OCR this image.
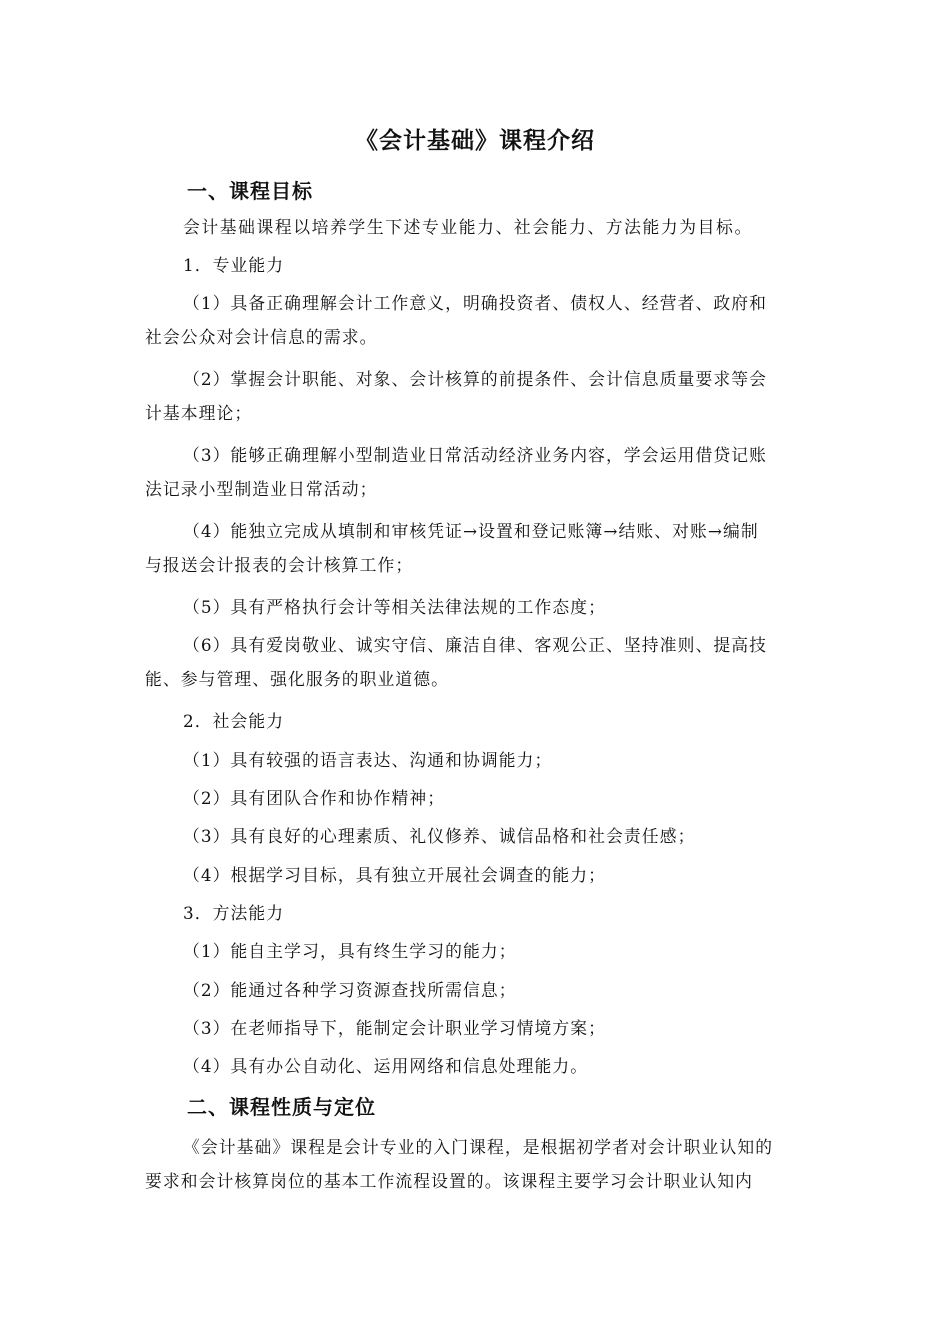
《会计基础》课程介绍
一、课程目标
会计基础课程以培养学生下述专业能力、社会能力、方法能力为目标。
1．专业能力
（1）具备正确理解会计工作意义，明确投资者、债权人、经营者、政府和
社会公众对会计信息的需求。
（2）掌握会计职能、对象、会计核算的前提条件、会计信息质量要求等会
计基本理论；
（3）能够正确理解小型制造业日常活动经济业务内容，学会运用借贷记账
法记录小型制造业日常活动；
（4）能独立完成从填制和审核凭证→设置和登记账簿→结账、对账→编制
与报送会计报表的会计核算工作；
（5）具有严格执行会计等相关法律法规的工作态度；
（6）具有爱岗敬业、诚实守信、廉洁自律、客观公正、坚持准则、提高技
能、参与管理、强化服务的职业道德。
2．社会能力
（1）具有较强的语言表达、沟通和协调能力；
（2）具有团队合作和协作精神；
（3）具有良好的心理素质、礼仪修养、诚信品格和社会责任感；
（4）根据学习目标，具有独立开展社会调查的能力；
3．方法能力
（1）能自主学习，具有终生学习的能力；
（2）能通过各种学习资源查找所需信息；
（3）在老师指导下，能制定会计职业学习情境方案；
（4）具有办公自动化、运用网络和信息处理能力。
二、课程性质与定位
《会计基础》课程是会计专业的入门课程，是根据初学者对会计职业认知的
要求和会计核算岗位的基本工作流程设置的。该课程主要学习会计职业认知内
